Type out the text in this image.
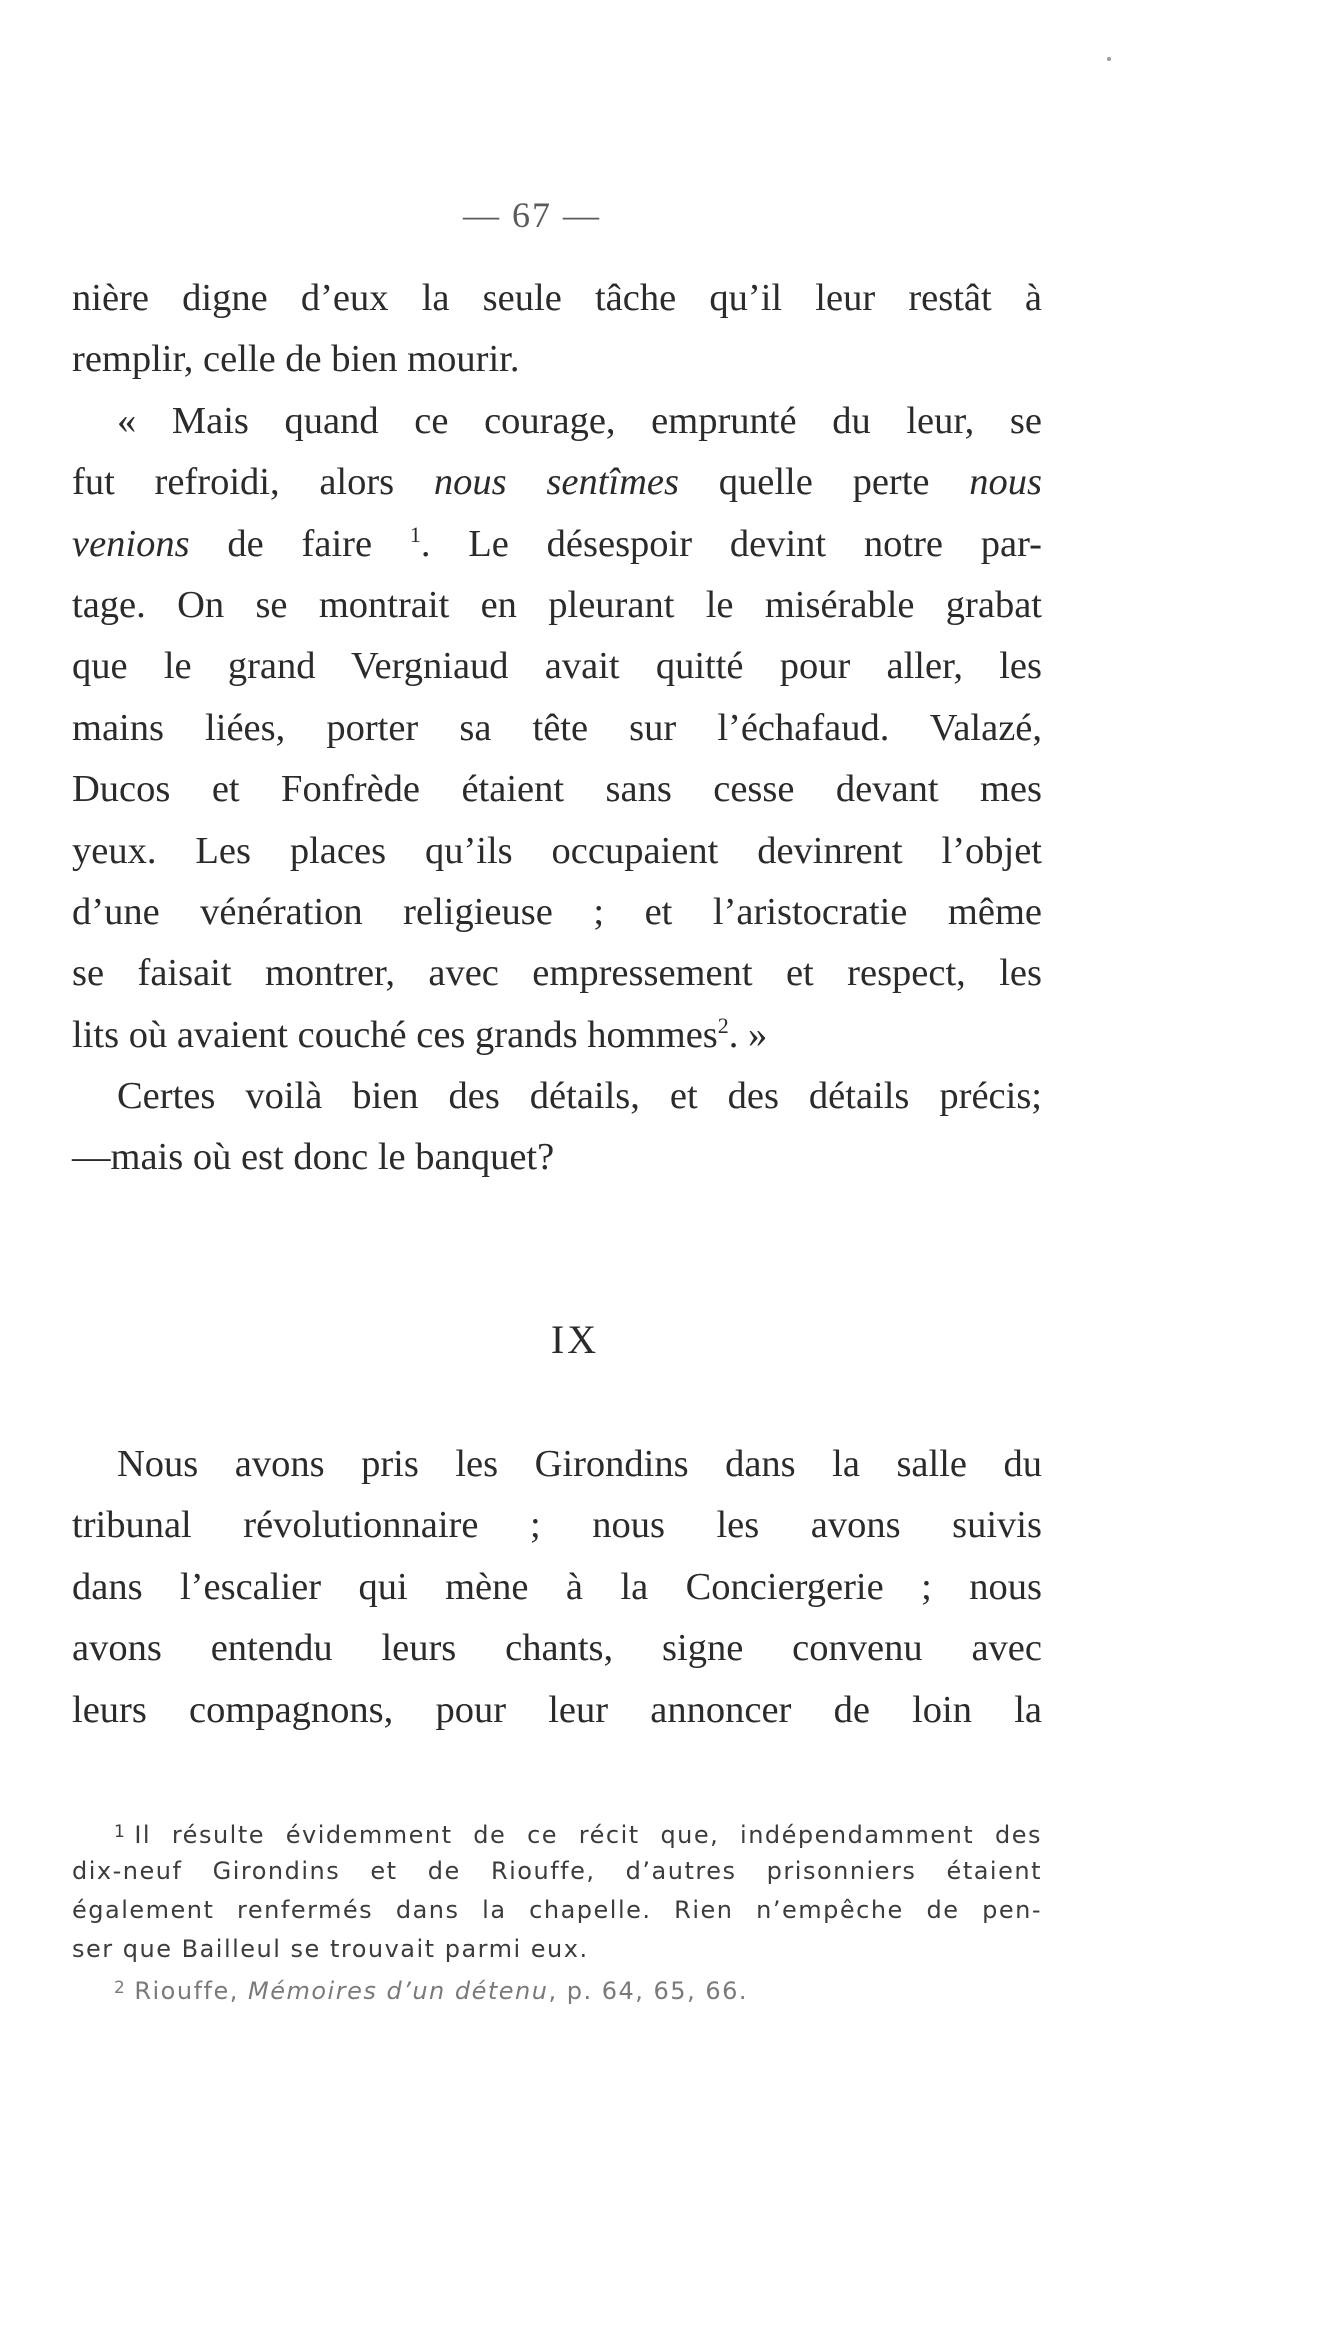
— 67 —
nière digne d’eux la seule tâche qu’il leur restât à
remplir, celle de bien mourir.
« Mais quand ce courage, emprunté du leur, se
fut refroidi, alors nous sentîmes quelle perte nous
venions de faire $^1$. Le désespoir devint notre par-
tage. On se montrait en pleurant le misérable grabat
que le grand Vergniaud avait quitté pour aller, les
mains liées, porter sa tête sur l’échafaud. Valazé,
Ducos et Fonfrède étaient sans cesse devant mes
yeux. Les places qu’ils occupaient devinrent l’objet
d’une vénération religieuse ; et l’aristocratie même
se faisait montrer, avec empressement et respect, les
lits où avaient couché ces grands hommes$^2$. »
Certes voilà bien des détails, et des détails précis;
—mais où est donc le banquet?
IX
Nous avons pris les Girondins dans la salle du
tribunal révolutionnaire ; nous les avons suivis
dans l’escalier qui mène à la Conciergerie ; nous
avons entendu leurs chants, signe convenu avec
leurs compagnons, pour leur annoncer de loin la
$^1$ Il résulte évidemment de ce récit que, indépendamment des
dix-neuf Girondins et de Riouffe, d’autres prisonniers étaient
également renfermés dans la chapelle. Rien n’empêche de pen-
ser que Bailleul se trouvait parmi eux.
$^2$ Riouffe, Mémoires d’un détenu, p. 64, 65, 66.
